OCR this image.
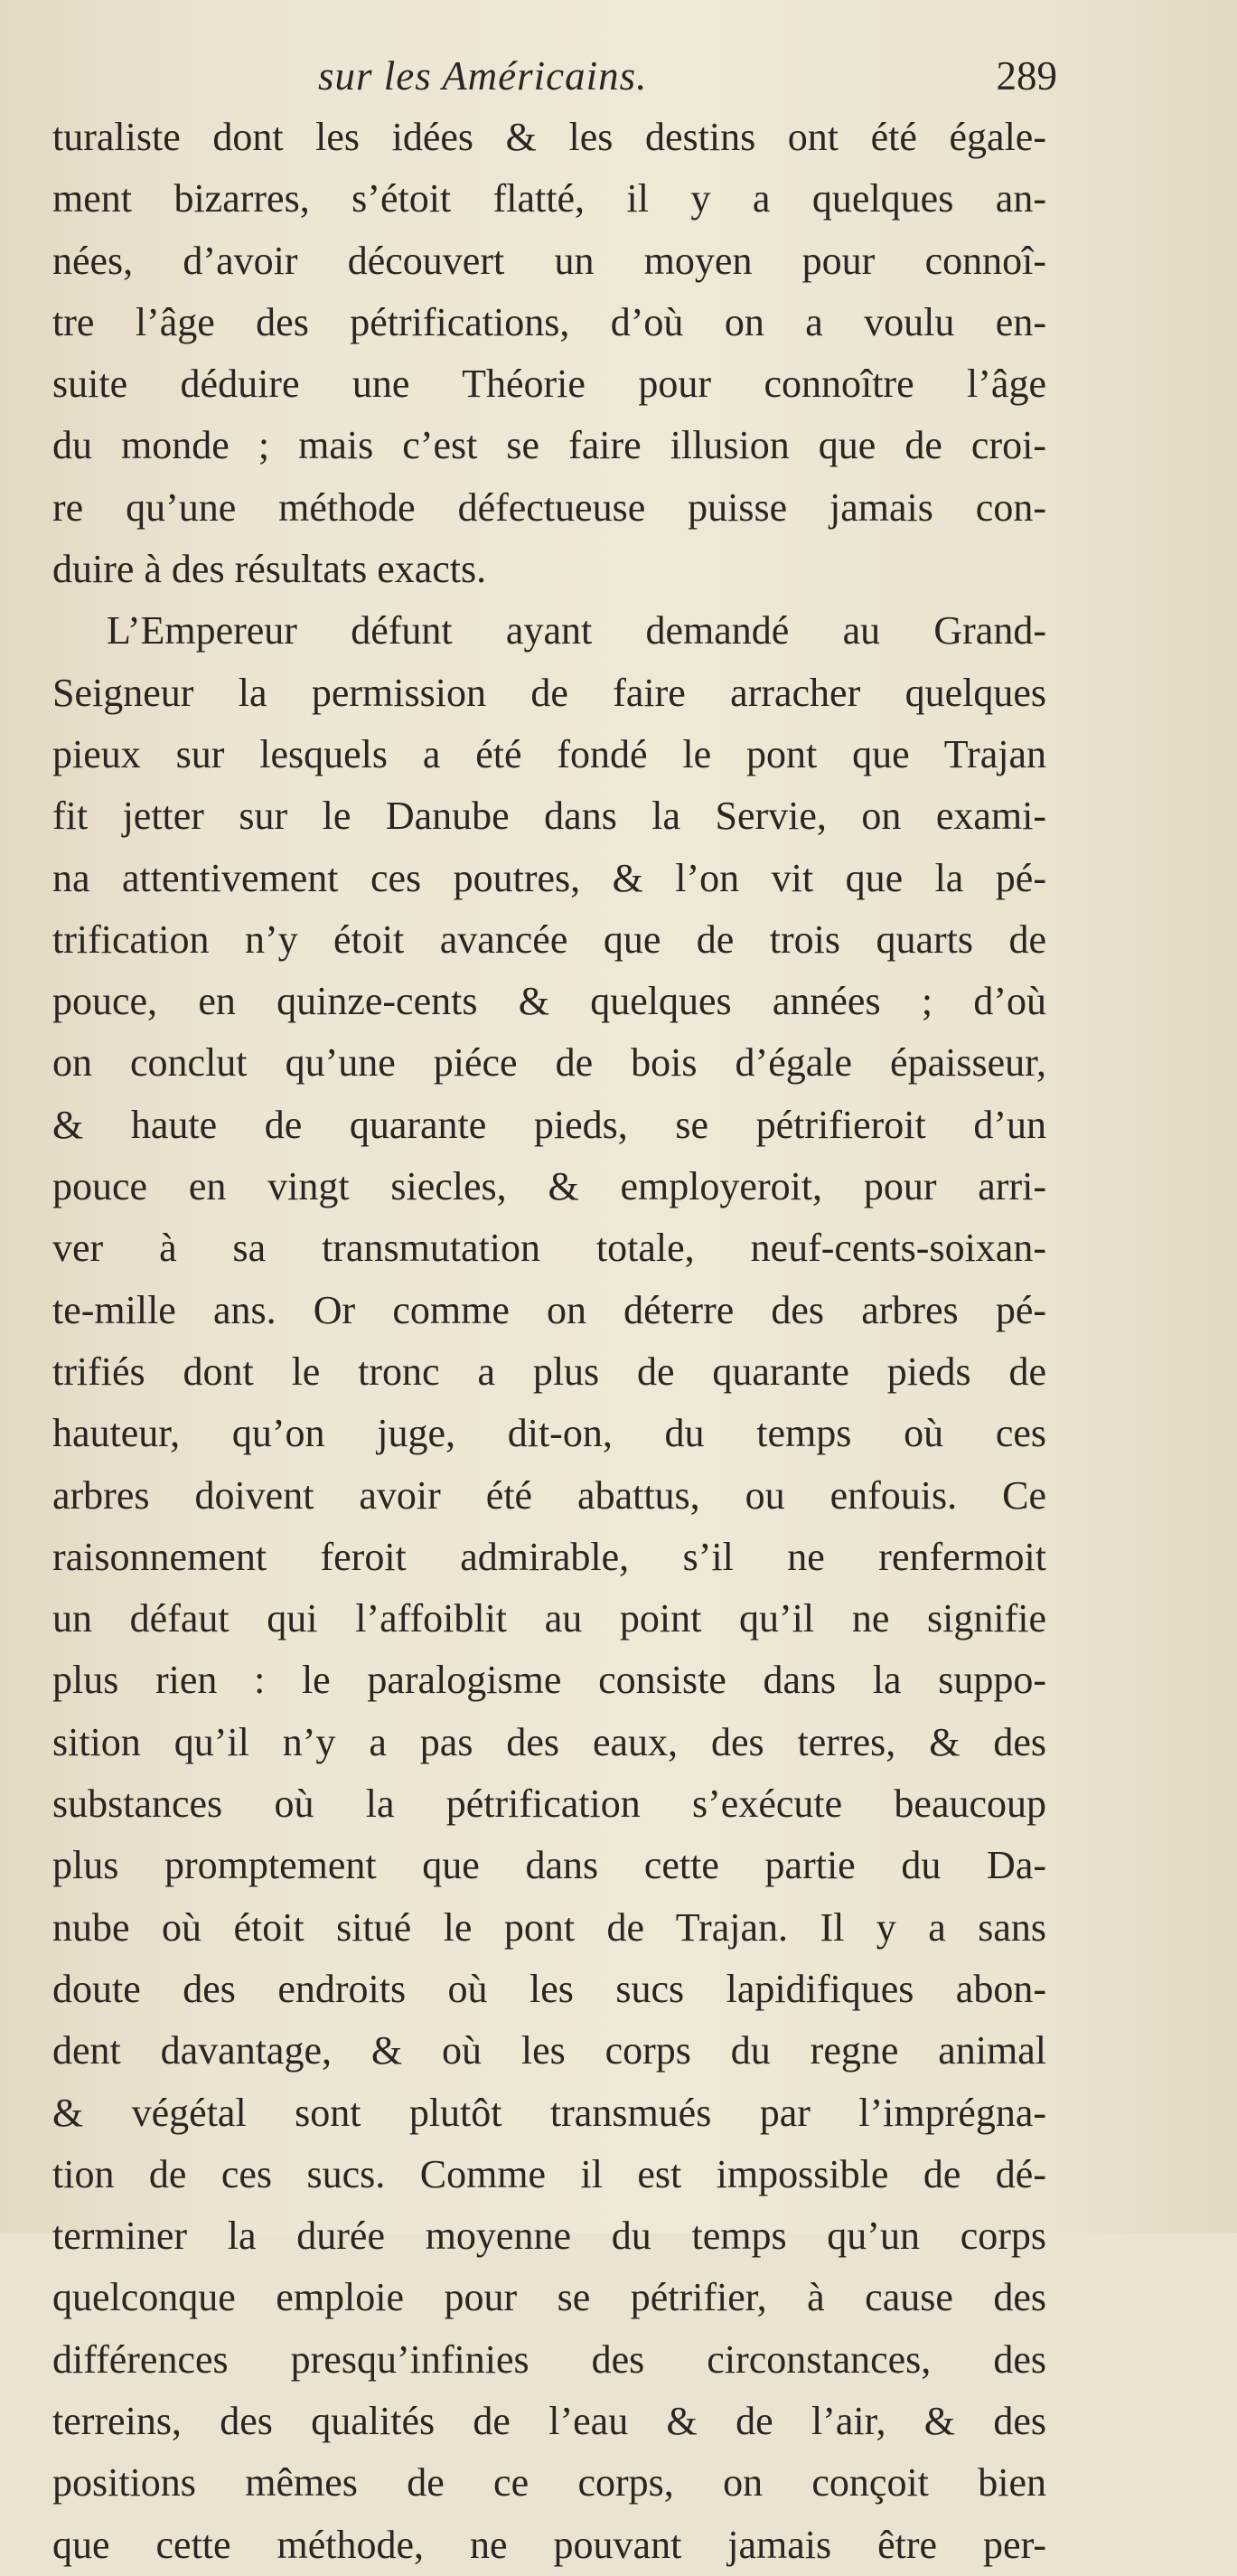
sur les Américains.	289
turaliste dont les idées & les destins ont été égale-
ment bizarres, s’étoit flatté, il y a quelques an-
nées, d’avoir découvert un moyen pour connoî-
tre l’âge des pétrifications, d’où on a voulu en-
suite déduire une Théorie pour connoître l’âge
du monde ; mais c’est se faire illusion que de croi-
re qu’une méthode défectueuse puisse jamais con-
duire à des résultats exacts.
L’Empereur défunt ayant demandé au Grand-
Seigneur la permission de faire arracher quelques
pieux sur lesquels a été fondé le pont que Trajan
fit jetter sur le Danube dans la Servie, on exami-
na attentivement ces poutres, & l’on vit que la pé-
trification n’y étoit avancée que de trois quarts de
pouce, en quinze-cents & quelques années ; d’où
on conclut qu’une piéce de bois d’égale épaisseur,
& haute de quarante pieds, se pétrifieroit d’un
pouce en vingt siecles, & employeroit, pour arri-
ver à sa transmutation totale, neuf-cents-soixan-
te-mille ans. Or comme on déterre des arbres pé-
trifiés dont le tronc a plus de quarante pieds de
hauteur, qu’on juge, dit-on, du temps où ces
arbres doivent avoir été abattus, ou enfouis. Ce
raisonnement feroit admirable, s’il ne renfermoit
un défaut qui l’affoiblit au point qu’il ne signifie
plus rien : le paralogisme consiste dans la suppo-
sition qu’il n’y a pas des eaux, des terres, & des
substances où la pétrification s’exécute beaucoup
plus promptement que dans cette partie du Da-
nube où étoit situé le pont de Trajan. Il y a sans
doute des endroits où les sucs lapidifiques abon-
dent davantage, & où les corps du regne animal
& végétal sont plutôt transmués par l’imprégna-
tion de ces sucs. Comme il est impossible de dé-
terminer la durée moyenne du temps qu’un corps
quelconque emploie pour se pétrifier, à cause des
différences presqu’infinies des circonstances, des
terreins, des qualités de l’eau & de l’air, & des
positions mêmes de ce corps, on conçoit bien
que cette méthode, ne pouvant jamais être per-
